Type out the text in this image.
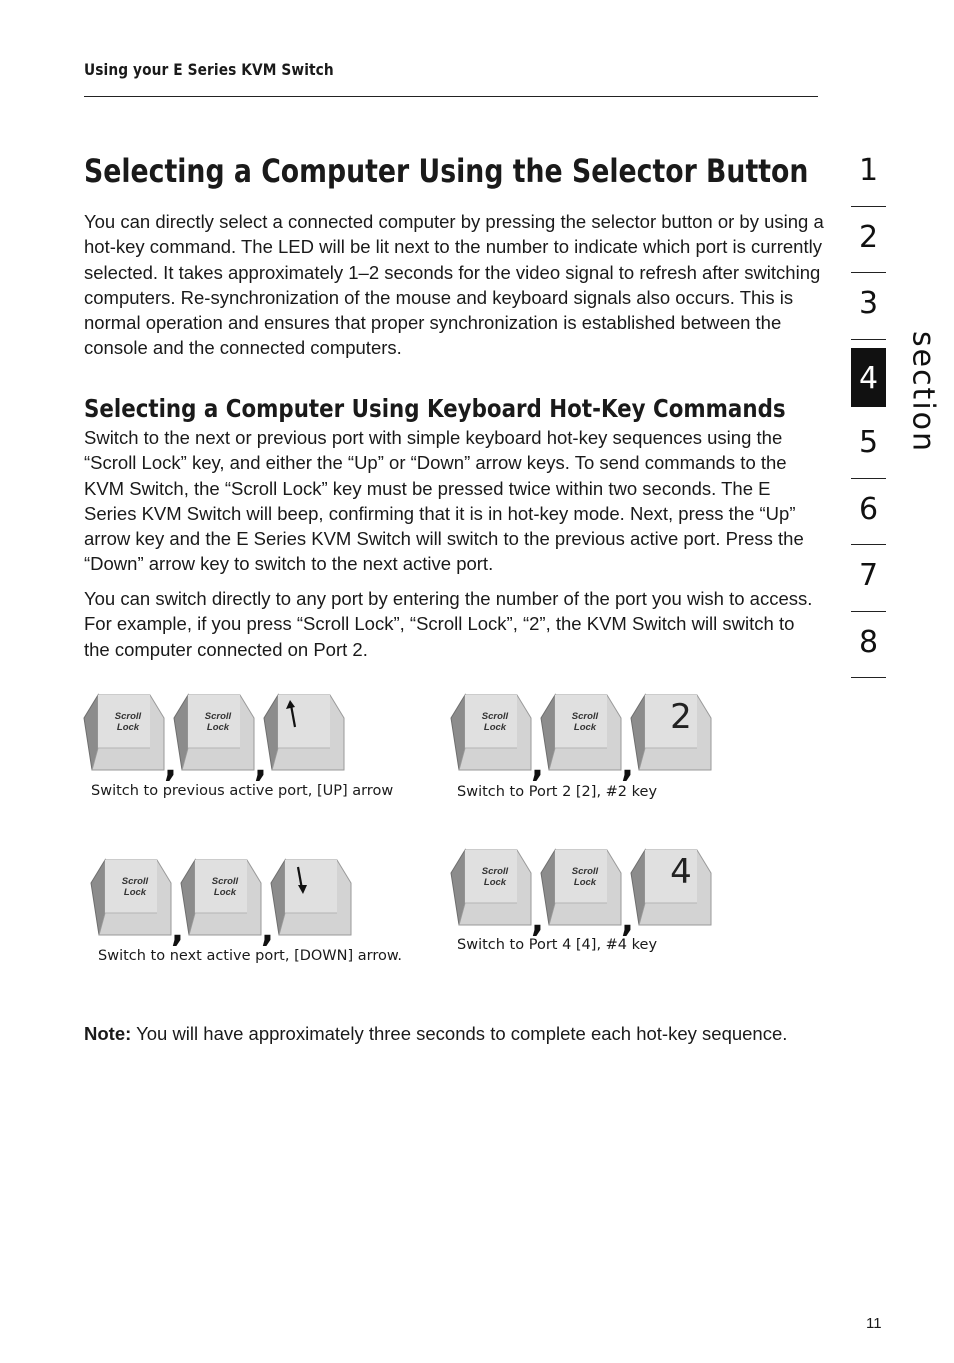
Using your E Series KVM Switch
Selecting a Computer Using the Selector Button

You can directly select a connected computer by pressing the selector button or by using a hot-key command. The LED will be lit next to the number to indicate which port is currently selected. It takes approximately 1–2 seconds for the video signal to refresh after switching computers. Re-synchronization of the mouse and keyboard signals also occurs. This is normal operation and ensures that proper synchronization is established between the console and the connected computers.

Selecting a Computer Using Keyboard Hot-Key Commands

Switch to the next or previous port with simple keyboard hot-key sequences using the “Scroll Lock” key, and either the “Up” or “Down” arrow keys. To send commands to the KVM Switch, the “Scroll Lock” key must be pressed twice within two seconds. The E Series KVM Switch will beep, confirming that it is in hot-key mode. Next, press the “Up” arrow key and the E Series KVM Switch will switch to the previous active port. Press the “Down” arrow key to switch to the next active port.

You can switch directly to any port by entering the number of the port you wish to access. For example, if you press “Scroll Lock”, “Scroll Lock”, “2”, the KVM Switch will switch to the computer connected on Port 2.

Scroll
Lock
,
Scroll
Lock
,
Switch to previous active port, [UP] arrow
Scroll
Lock
,
Scroll
Lock
,
2
Switch to Port 2 [2], #2 key
Scroll
Lock
,
Scroll
Lock
,
Switch to next active port, [DOWN] arrow.
Scroll
Lock
,
Scroll
Lock
,
4
Switch to Port 4 [4], #4 key
Note: You will have approximately three seconds to complete each hot-key sequence.
1
2
3
4
5
6
7
8
section
11
